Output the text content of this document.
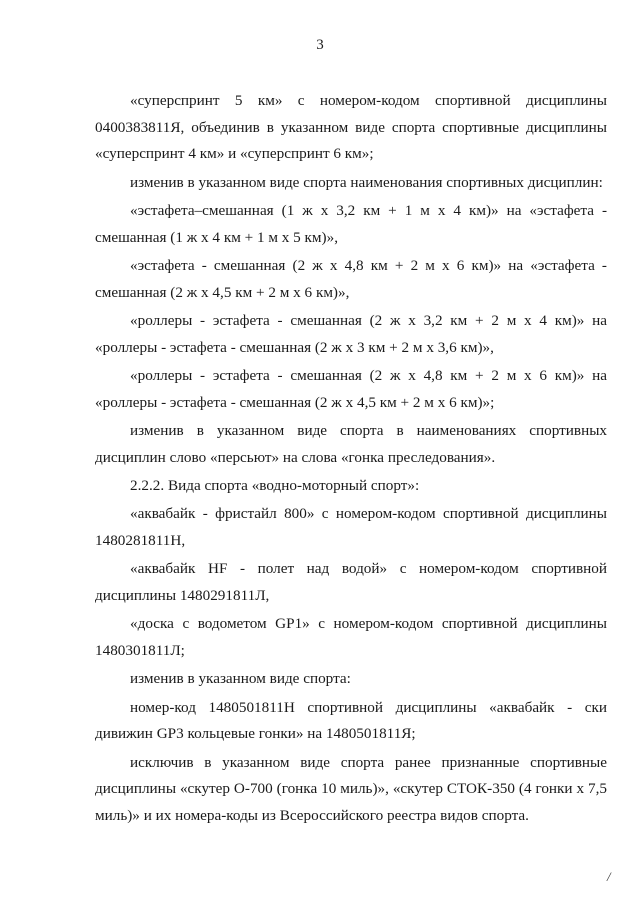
3

«суперспринт 5 км» с номером-кодом спортивной дисциплины 0400383811Я, объединив в указанном виде спорта спортивные дисциплины «суперспринт 4 км» и «суперспринт 6 км»;

изменив в указанном виде спорта наименования спортивных дисциплин:

«эстафета–смешанная (1 ж х 3,2 км + 1 м х 4 км)» на «эстафета - смешанная (1 ж х 4 км + 1 м х 5 км)»,

«эстафета - смешанная (2 ж х 4,8 км + 2 м х 6 км)» на «эстафета - смешанная (2 ж х 4,5 км + 2 м х 6 км)»,

«роллеры - эстафета - смешанная (2 ж х 3,2 км + 2 м х 4 км)» на «роллеры - эстафета - смешанная (2 ж х 3 км + 2 м х 3,6 км)»,

«роллеры - эстафета - смешанная (2 ж х 4,8 км + 2 м х 6 км)» на «роллеры - эстафета - смешанная (2 ж х 4,5 км + 2 м х 6 км)»;

изменив в указанном виде спорта в наименованиях спортивных дисциплин слово «персьют» на слова «гонка преследования».

2.2.2. Вида спорта «водно-моторный спорт»:

«аквабайк - фристайл 800» с номером-кодом спортивной дисциплины 1480281811Н,

«аквабайк HF - полет над водой» с номером-кодом спортивной дисциплины 1480291811Л,

«доска с водометом GP1» с номером-кодом спортивной дисциплины 1480301811Л;

изменив в указанном виде спорта:

номер-код 1480501811Н спортивной дисциплины «аквабайк - ски дивижин GP3 кольцевые гонки» на 1480501811Я;

исключив в указанном виде спорта ранее признанные спортивные дисциплины «скутер О-700 (гонка 10 миль)», «скутер СТОК-350 (4 гонки х 7,5 миль)» и их номера-коды из Всероссийского реестра видов спорта.

/
